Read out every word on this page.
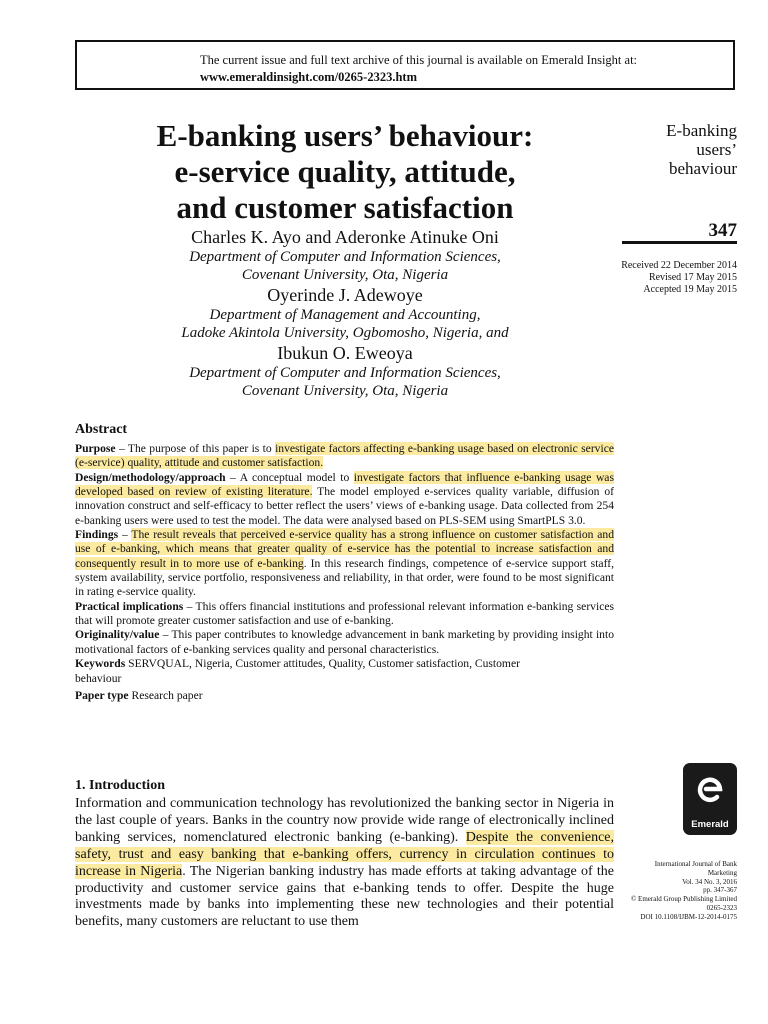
The current issue and full text archive of this journal is available on Emerald Insight at:
www.emeraldinsight.com/0265-2323.htm
E-banking users’ behaviour:
e-service quality, attitude,
and customer satisfaction
Charles K. Ayo and Aderonke Atinuke Oni
Department of Computer and Information Sciences,
Covenant University, Ota, Nigeria
Oyerinde J. Adewoye
Department of Management and Accounting,
Ladoke Akintola University, Ogbomosho, Nigeria, and
Ibukun O. Eweoya
Department of Computer and Information Sciences,
Covenant University, Ota, Nigeria
E-banking
users’
behaviour
347
Received 22 December 2014
Revised 17 May 2015
Accepted 19 May 2015
Abstract

Purpose – The purpose of this paper is to investigate factors affecting e-banking usage based on electronic service (e-service) quality, attitude and customer satisfaction.

Design/methodology/approach – A conceptual model to investigate factors that influence e-banking usage was developed based on review of existing literature. The model employed e-services quality variable, diffusion of innovation construct and self-efficacy to better reflect the users’ views of e-banking usage. Data collected from 254 e-banking users were used to test the model. The data were analysed based on PLS-SEM using SmartPLS 3.0.

Findings – The result reveals that perceived e-service quality has a strong influence on customer satisfaction and use of e-banking, which means that greater quality of e-service has the potential to increase satisfaction and consequently result in to more use of e-banking. In this research findings, competence of e-service support staff, system availability, service portfolio, responsiveness and reliability, in that order, were found to be most significant in rating e-service quality.

Practical implications – This offers financial institutions and professional relevant information e-banking services that will promote greater customer satisfaction and use of e-banking.

Originality/value – This paper contributes to knowledge advancement in bank marketing by providing insight into motivational factors of e-banking services quality and personal characteristics.

Keywords SERVQUAL, Nigeria, Customer attitudes, Quality, Customer satisfaction, Customer behaviour

Paper type Research paper

1. Introduction

Information and communication technology has revolutionized the banking sector in Nigeria in the last couple of years. Banks in the country now provide wide range of electronically inclined banking services, nomenclatured electronic banking (e-banking). Despite the convenience, safety, trust and easy banking that e-banking offers, currency in circulation continues to increase in Nigeria. The Nigerian banking industry has made efforts at taking advantage of the productivity and customer service gains that e-banking tends to offer. Despite the huge investments made by banks into implementing these new technologies and their potential benefits, many customers are reluctant to use them

Emerald
International Journal of Bank
Marketing
Vol. 34 No. 3, 2016
pp. 347-367
© Emerald Group Publishing Limited
0265-2323
DOI 10.1108/IJBM-12-2014-0175
